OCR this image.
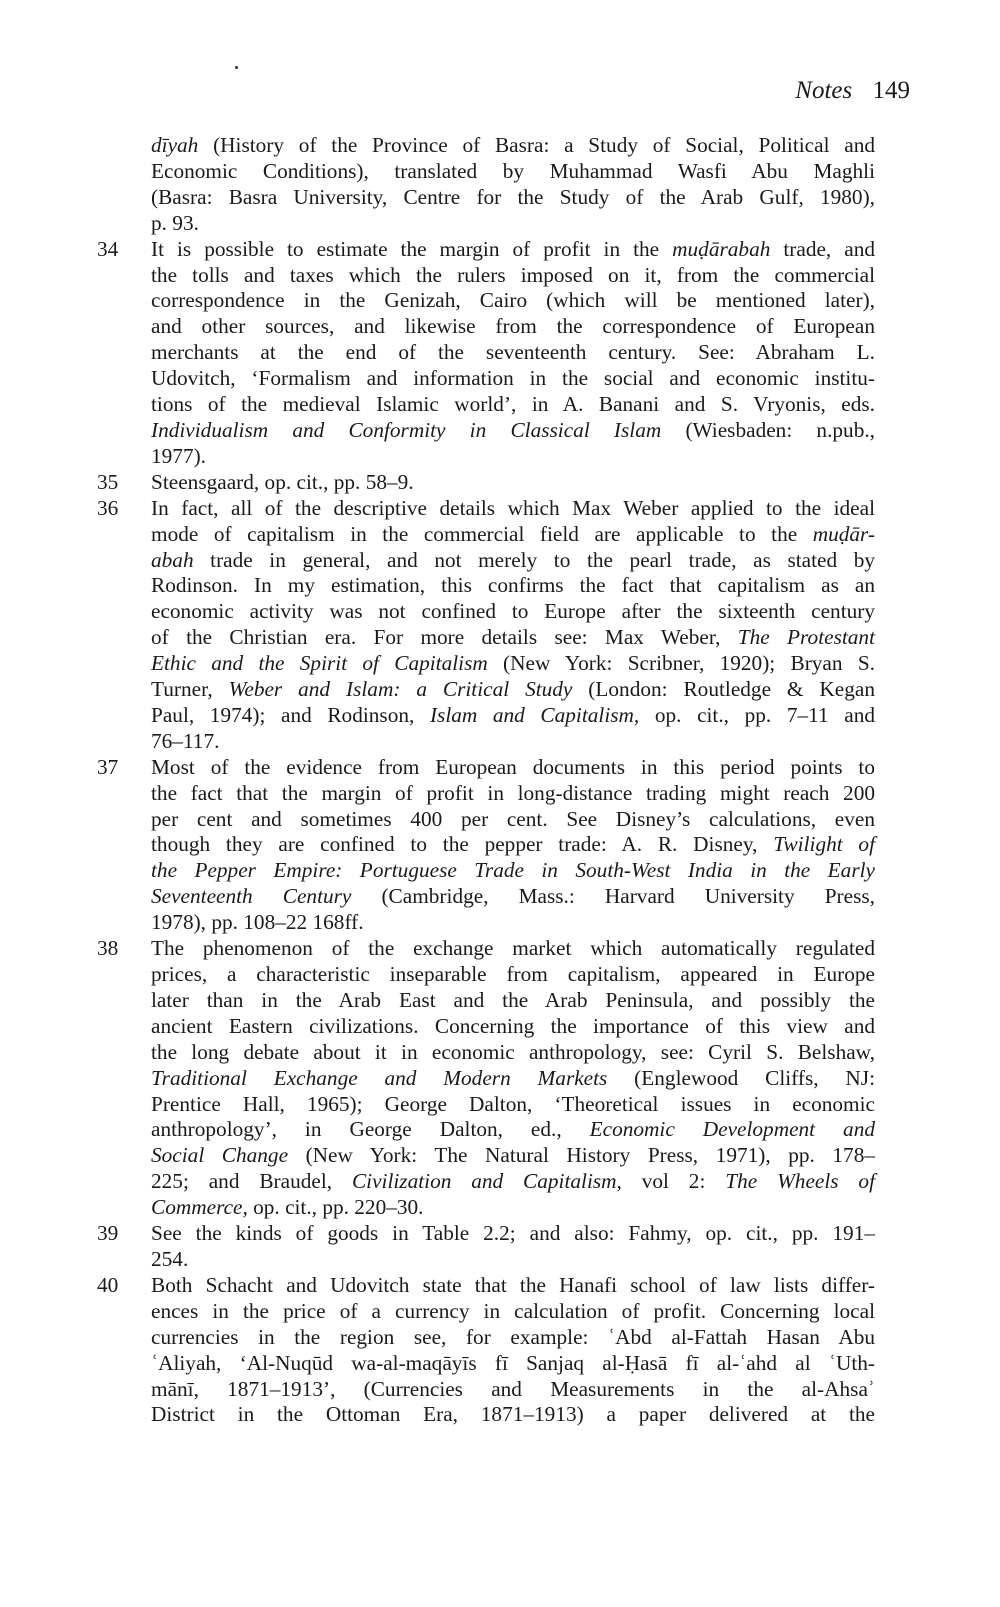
Notes 149
dīyah (History of the Province of Basra: a Study of Social, Political and
Economic Conditions), translated by Muhammad Wasfi Abu Maghli
(Basra: Basra University, Centre for the Study of the Arab Gulf, 1980),
p. 93.
34	It is possible to estimate the margin of profit in the muḍārabah trade, and
the tolls and taxes which the rulers imposed on it, from the commercial
correspondence in the Genizah, Cairo (which will be mentioned later),
and other sources, and likewise from the correspondence of European
merchants at the end of the seventeenth century. See: Abraham L.
Udovitch, ‘Formalism and information in the social and economic institu-
tions of the medieval Islamic world’, in A. Banani and S. Vryonis, eds.
Individualism and Conformity in Classical Islam (Wiesbaden: n.pub.,
1977).
35	Steensgaard, op. cit., pp. 58–9.
36	In fact, all of the descriptive details which Max Weber applied to the ideal
mode of capitalism in the commercial field are applicable to the muḍār-
abah trade in general, and not merely to the pearl trade, as stated by
Rodinson. In my estimation, this confirms the fact that capitalism as an
economic activity was not confined to Europe after the sixteenth century
of the Christian era. For more details see: Max Weber, The Protestant
Ethic and the Spirit of Capitalism (New York: Scribner, 1920); Bryan S.
Turner, Weber and Islam: a Critical Study (London: Routledge & Kegan
Paul, 1974); and Rodinson, Islam and Capitalism, op. cit., pp. 7–11 and
76–117.
37	Most of the evidence from European documents in this period points to
the fact that the margin of profit in long-distance trading might reach 200
per cent and sometimes 400 per cent. See Disney’s calculations, even
though they are confined to the pepper trade: A. R. Disney, Twilight of
the Pepper Empire: Portuguese Trade in South-West India in the Early
Seventeenth Century (Cambridge, Mass.: Harvard University Press,
1978), pp. 108–22 168ff.
38	The phenomenon of the exchange market which automatically regulated
prices, a characteristic inseparable from capitalism, appeared in Europe
later than in the Arab East and the Arab Peninsula, and possibly the
ancient Eastern civilizations. Concerning the importance of this view and
the long debate about it in economic anthropology, see: Cyril S. Belshaw,
Traditional Exchange and Modern Markets (Englewood Cliffs, NJ:
Prentice Hall, 1965); George Dalton, ‘Theoretical issues in economic
anthropology’, in George Dalton, ed., Economic Development and
Social Change (New York: The Natural History Press, 1971), pp. 178–
225; and Braudel, Civilization and Capitalism, vol 2: The Wheels of
Commerce, op. cit., pp. 220–30.
39	See the kinds of goods in Table 2.2; and also: Fahmy, op. cit., pp. 191–
254.
40	Both Schacht and Udovitch state that the Hanafi school of law lists differ-
ences in the price of a currency in calculation of profit. Concerning local
currencies in the region see, for example: ʿAbd al-Fattah Hasan Abu
ʿAliyah, ‘Al-Nuqūd wa-al-maqāyīs fī Sanjaq al-Ḥasā fī al-ʿahd al ʿUth-
mānī, 1871–1913’, (Currencies and Measurements in the al-Ahsaʾ
District in the Ottoman Era, 1871–1913) a paper delivered at the
